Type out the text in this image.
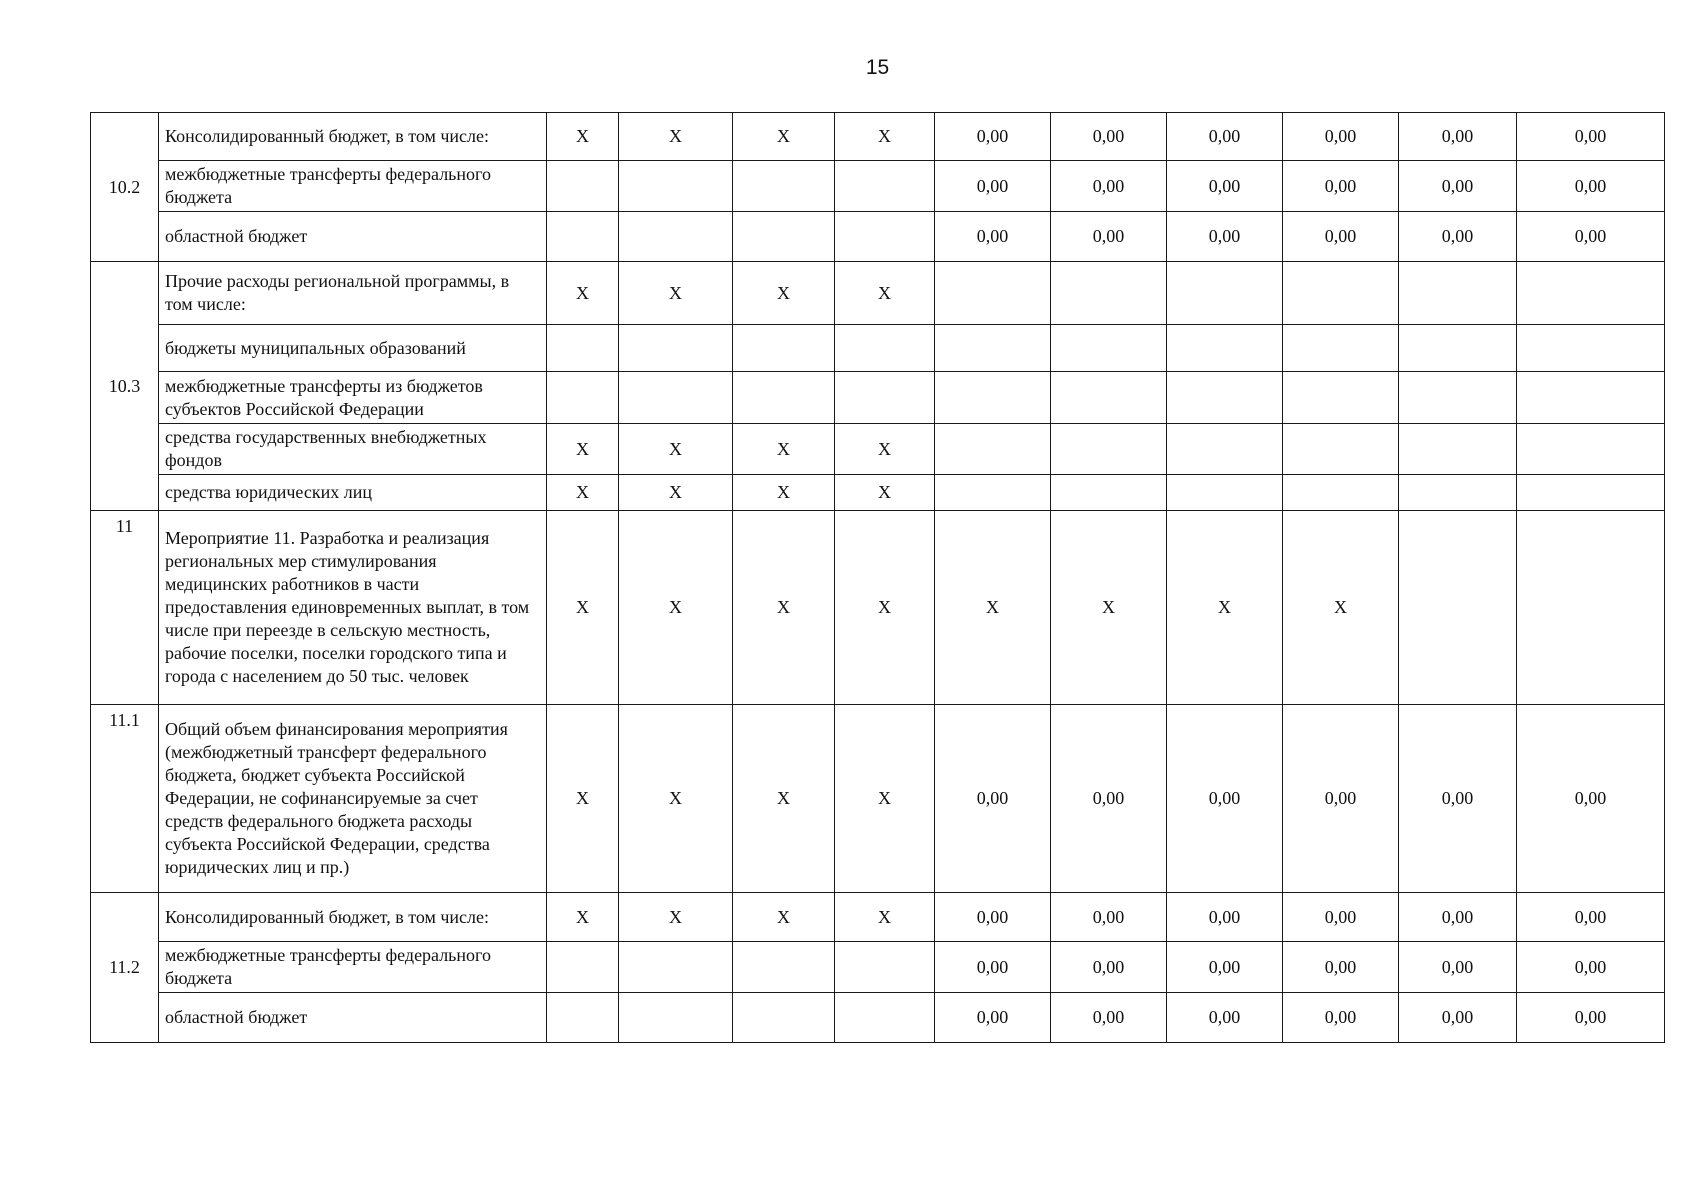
15
10.2	Консолидированный бюджет, в том числе:	X	X	X	X	0,00	0,00	0,00	0,00	0,00	0,00
	межбюджетные трансферты федерального бюджета					0,00	0,00	0,00	0,00	0,00	0,00
	областной бюджет					0,00	0,00	0,00	0,00	0,00	0,00
10.3	Прочие расходы региональной программы, в том числе:	X	X	X	X						
	бюджеты муниципальных образований										
	межбюджетные трансферты из бюджетов субъектов Российской Федерации										
	средства государственных внебюджетных фондов	X	X	X	X						
	средства юридических лиц	X	X	X	X						
11	Мероприятие 11. Разработка и реализация региональных мер стимулирования медицинских работников в части предоставления единовременных выплат, в том числе при переезде в сельскую местность, рабочие поселки, поселки городского типа и города с населением до 50 тыс. человек	X	X	X	X	X	X	X	X		
11.1	Общий объем финансирования мероприятия (межбюджетный трансферт федерального бюджета, бюджет субъекта Российской Федерации, не софинансируемые за счет средств федерального бюджета расходы субъекта Российской Федерации, средства юридических лиц и пр.)	X	X	X	X	0,00	0,00	0,00	0,00	0,00	0,00
11.2	Консолидированный бюджет, в том числе:	X	X	X	X	0,00	0,00	0,00	0,00	0,00	0,00
	межбюджетные трансферты федерального бюджета					0,00	0,00	0,00	0,00	0,00	0,00
	областной бюджет					0,00	0,00	0,00	0,00	0,00	0,00
